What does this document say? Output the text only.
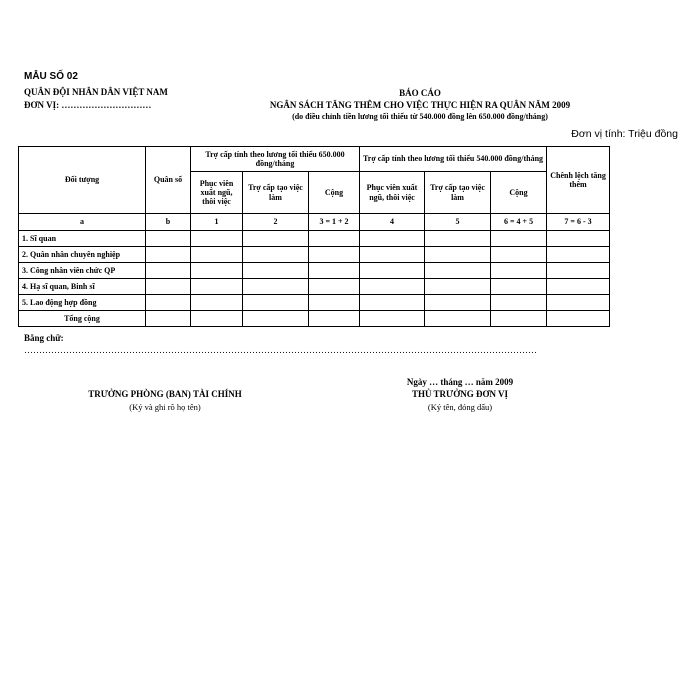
MẪU SỐ 02
QUÂN ĐỘI NHÂN DÂN VIỆT NAM
ĐƠN VỊ: …………………………
BÁO CÁO
NGÂN SÁCH TĂNG THÊM CHO VIỆC THỰC HIỆN RA QUÂN NĂM 2009
(do điều chỉnh tiền lương tối thiểu từ 540.000 đồng lên 650.000 đồng/tháng)
Đơn vị tính: Triệu đồng
Đối tượng	Quân số	Trợ cấp tính theo lương tối thiểu 650.000 đồng/tháng			Trợ cấp tính theo lương tối thiểu 540.000 đồng/tháng			Chênh lệch tăng thêm
		Phục viên xuất ngũ, thôi việc	Trợ cấp tạo việc làm	Cộng	Phục viên xuất ngũ, thôi việc	Trợ cấp tạo việc làm	Cộng	
a	b	1	2	3 = 1 + 2	4	5	6 = 4 + 5	7 = 6 - 3
1. Sĩ quan								
2. Quân nhân chuyên nghiệp								
3. Công nhân viên chức QP								
4. Hạ sĩ quan, Binh sĩ								
5. Lao động hợp đồng								
Tổng cộng								
Bằng chữ:
………………………………………………………………………………………………………………………………………………………
TRƯỞNG PHÒNG (BAN) TÀI CHÍNH
(Ký và ghi rõ họ tên)
Ngày … tháng … năm 2009
THỦ TRƯỞNG ĐƠN VỊ
(Ký tên, đóng dấu)
